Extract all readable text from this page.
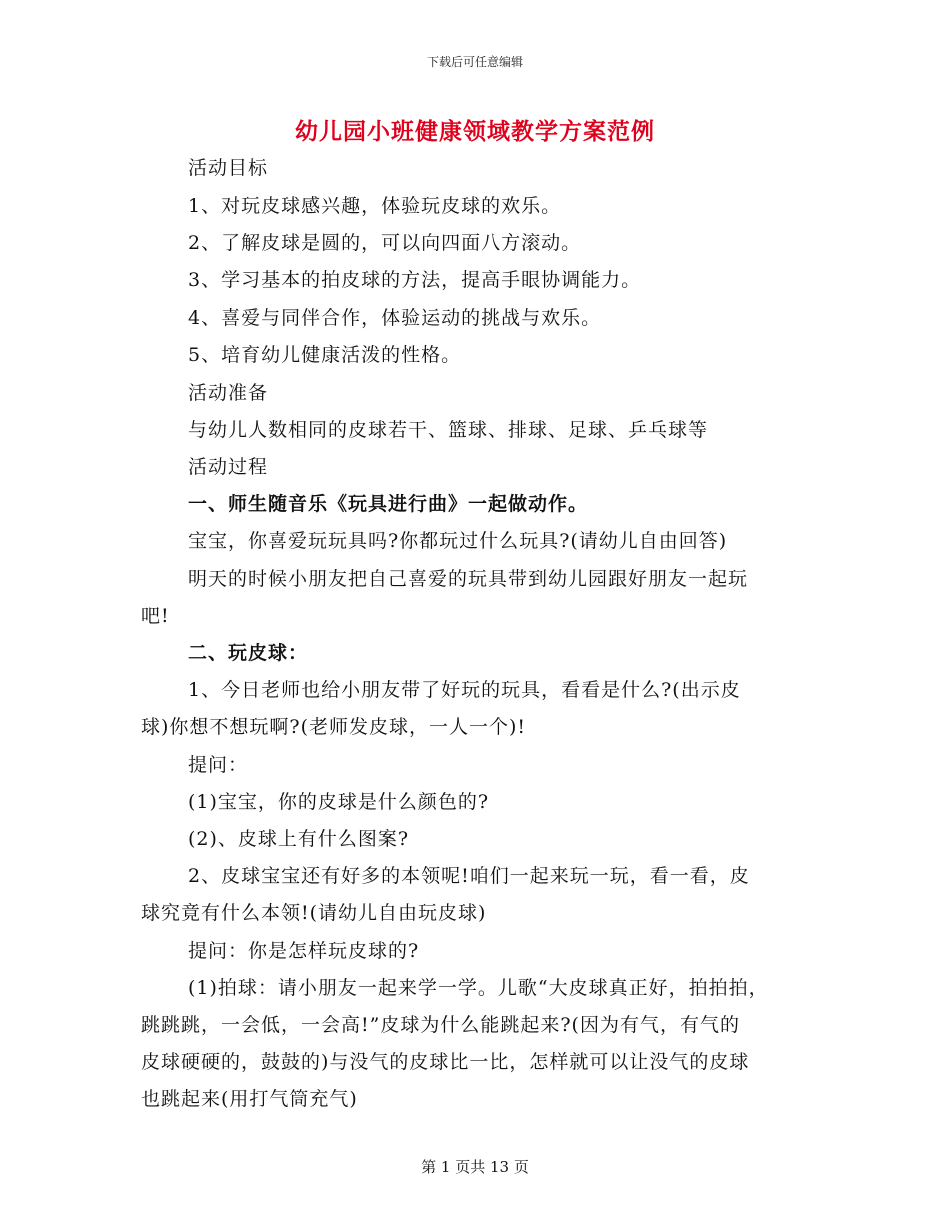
下载后可任意编辑
幼儿园小班健康领域教学方案范例
活动目标
1、对玩皮球感兴趣，体验玩皮球的欢乐。
2、了解皮球是圆的，可以向四面八方滚动。
3、学习基本的拍皮球的方法，提高手眼协调能力。
4、喜爱与同伴合作，体验运动的挑战与欢乐。
5、培育幼儿健康活泼的性格。
活动准备
与幼儿人数相同的皮球若干、篮球、排球、足球、乒乓球等
活动过程
一、师生随音乐《玩具进行曲》一起做动作。
宝宝，你喜爱玩玩具吗?你都玩过什么玩具?(请幼儿自由回答)
明天的时候小朋友把自己喜爱的玩具带到幼儿园跟好朋友一起玩
吧!
二、玩皮球：
1、今日老师也给小朋友带了好玩的玩具，看看是什么?(出示皮
球)你想不想玩啊?(老师发皮球，一人一个)!
提问：
(1)宝宝，你的皮球是什么颜色的?
(2)、皮球上有什么图案?
2、皮球宝宝还有好多的本领呢!咱们一起来玩一玩，看一看，皮
球究竟有什么本领!(请幼儿自由玩皮球)
提问：你是怎样玩皮球的?
(1)拍球：请小朋友一起来学一学。儿歌“大皮球真正好，拍拍拍，
跳跳跳，一会低，一会高!”皮球为什么能跳起来?(因为有气，有气的
皮球硬硬的，鼓鼓的)与没气的皮球比一比，怎样就可以让没气的皮球
也跳起来(用打气筒充气)
第 1 页共 13 页
